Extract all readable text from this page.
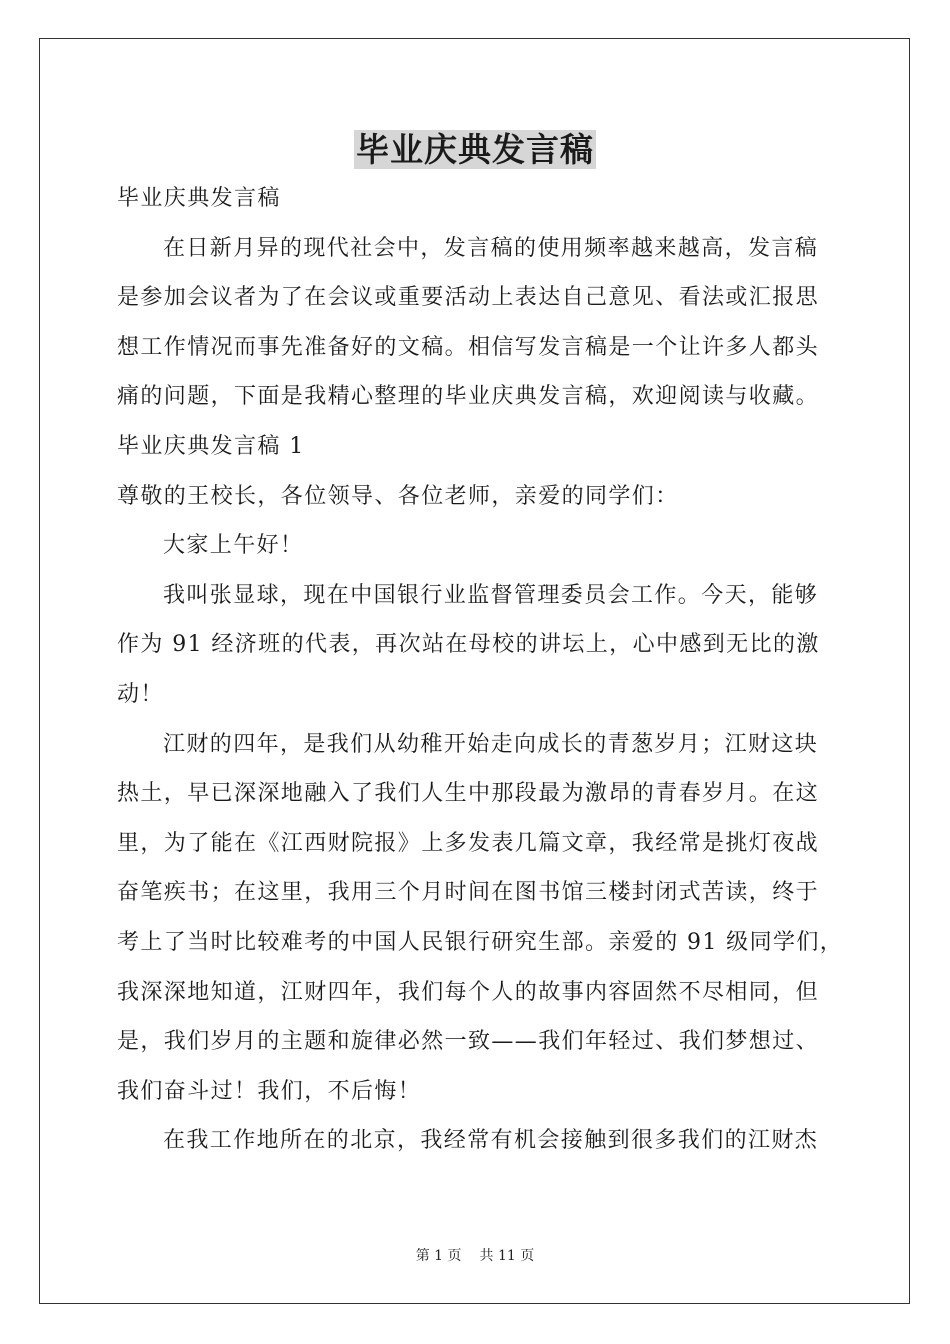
毕业庆典发言稿
毕业庆典发言稿
在日新月异的现代社会中，发言稿的使用频率越来越高，发言稿
是参加会议者为了在会议或重要活动上表达自己意见、看法或汇报思
想工作情况而事先准备好的文稿。相信写发言稿是一个让许多人都头
痛的问题，下面是我精心整理的毕业庆典发言稿，欢迎阅读与收藏。
毕业庆典发言稿 1
尊敬的王校长，各位领导、各位老师，亲爱的同学们：
大家上午好！
我叫张显球，现在中国银行业监督管理委员会工作。今天，能够
作为 91 经济班的代表，再次站在母校的讲坛上，心中感到无比的激
动！
江财的四年，是我们从幼稚开始走向成长的青葱岁月；江财这块
热土，早已深深地融入了我们人生中那段最为激昂的青春岁月。在这
里，为了能在《江西财院报》上多发表几篇文章，我经常是挑灯夜战
奋笔疾书；在这里，我用三个月时间在图书馆三楼封闭式苦读，终于
考上了当时比较难考的中国人民银行研究生部。亲爱的 91 级同学们，
我深深地知道，江财四年，我们每个人的故事内容固然不尽相同，但
是，我们岁月的主题和旋律必然一致——我们年轻过、我们梦想过、
我们奋斗过！我们，不后悔！
在我工作地所在的北京，我经常有机会接触到很多我们的江财杰
第 1 页 共 11 页
